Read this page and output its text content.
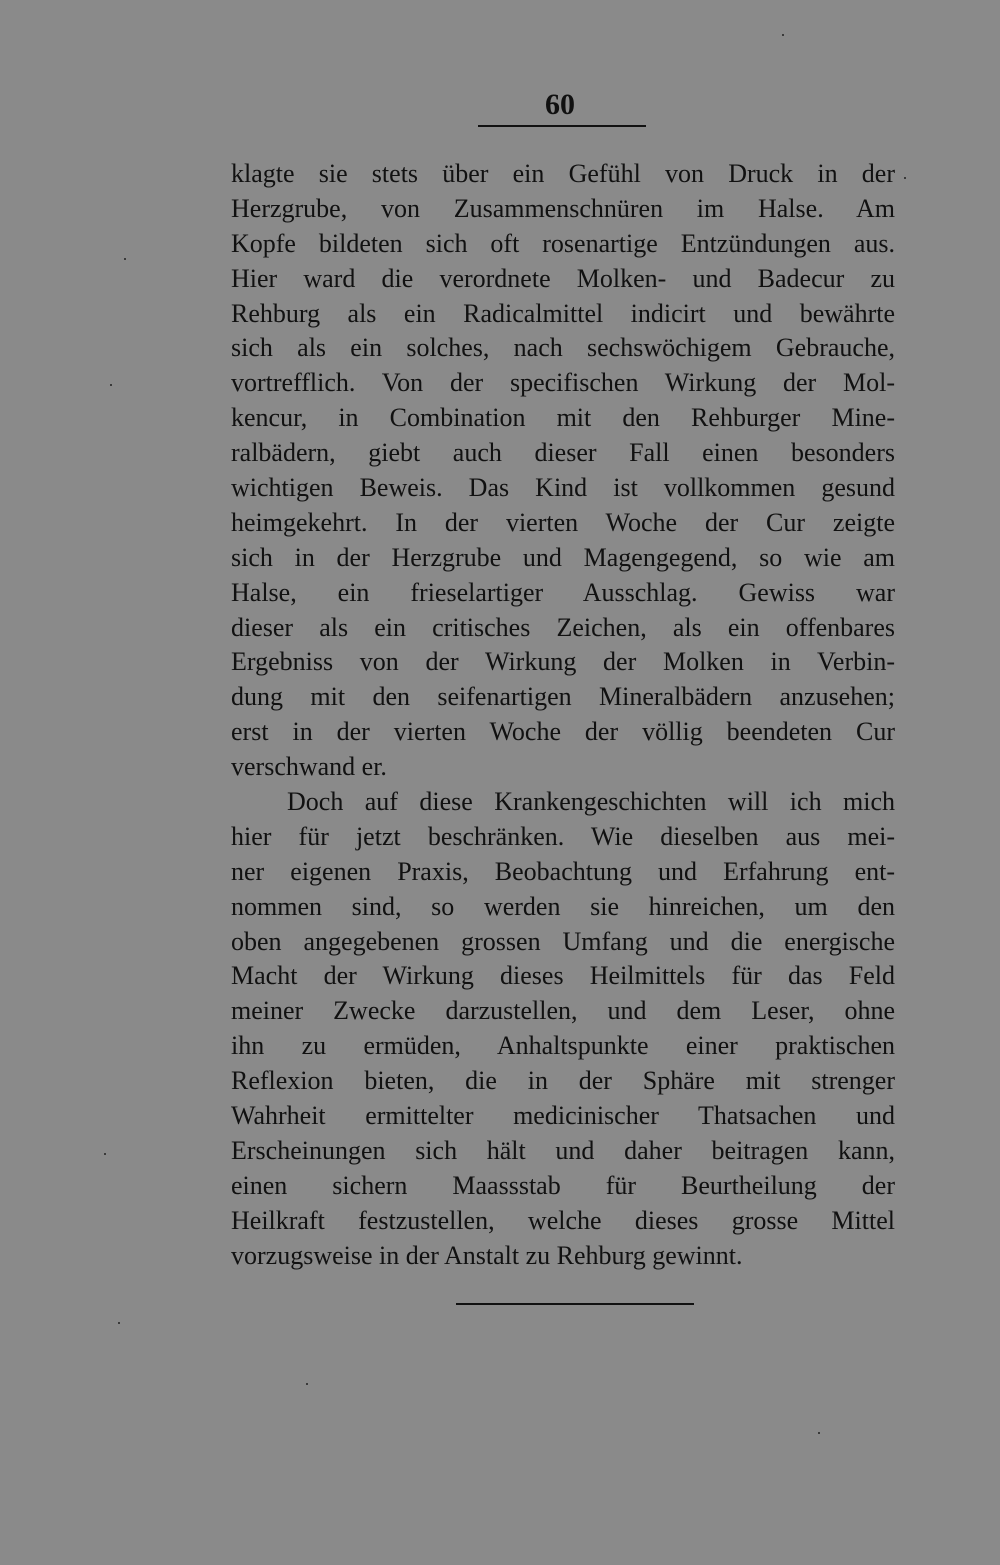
60
klagte sie stets über ein Gefühl von Druck in der
Herzgrube, von Zusammenschnüren im Halse. Am
Kopfe bildeten sich oft rosenartige Entzündungen aus.
Hier ward die verordnete Molken- und Badecur zu
Rehburg als ein Radicalmittel indicirt und bewährte
sich als ein solches, nach sechswöchigem Gebrauche,
vortrefflich. Von der specifischen Wirkung der Mol-
kencur, in Combination mit den Rehburger Mine-
ralbädern, giebt auch dieser Fall einen besonders
wichtigen Beweis. Das Kind ist vollkommen gesund
heimgekehrt. In der vierten Woche der Cur zeigte
sich in der Herzgrube und Magengegend, so wie am
Halse, ein frieselartiger Ausschlag. Gewiss war
dieser als ein critisches Zeichen, als ein offenbares
Ergebniss von der Wirkung der Molken in Verbin-
dung mit den seifenartigen Mineralbädern anzusehen;
erst in der vierten Woche der völlig beendeten Cur
verschwand er.
Doch auf diese Krankengeschichten will ich mich
hier für jetzt beschränken. Wie dieselben aus mei-
ner eigenen Praxis, Beobachtung und Erfahrung ent-
nommen sind, so werden sie hinreichen, um den
oben angegebenen grossen Umfang und die energische
Macht der Wirkung dieses Heilmittels für das Feld
meiner Zwecke darzustellen, und dem Leser, ohne
ihn zu ermüden, Anhaltspunkte einer praktischen
Reflexion bieten, die in der Sphäre mit strenger
Wahrheit ermittelter medicinischer Thatsachen und
Erscheinungen sich hält und daher beitragen kann,
einen sichern Maassstab für Beurtheilung der
Heilkraft festzustellen, welche dieses grosse Mittel
vorzugsweise in der Anstalt zu Rehburg gewinnt.
